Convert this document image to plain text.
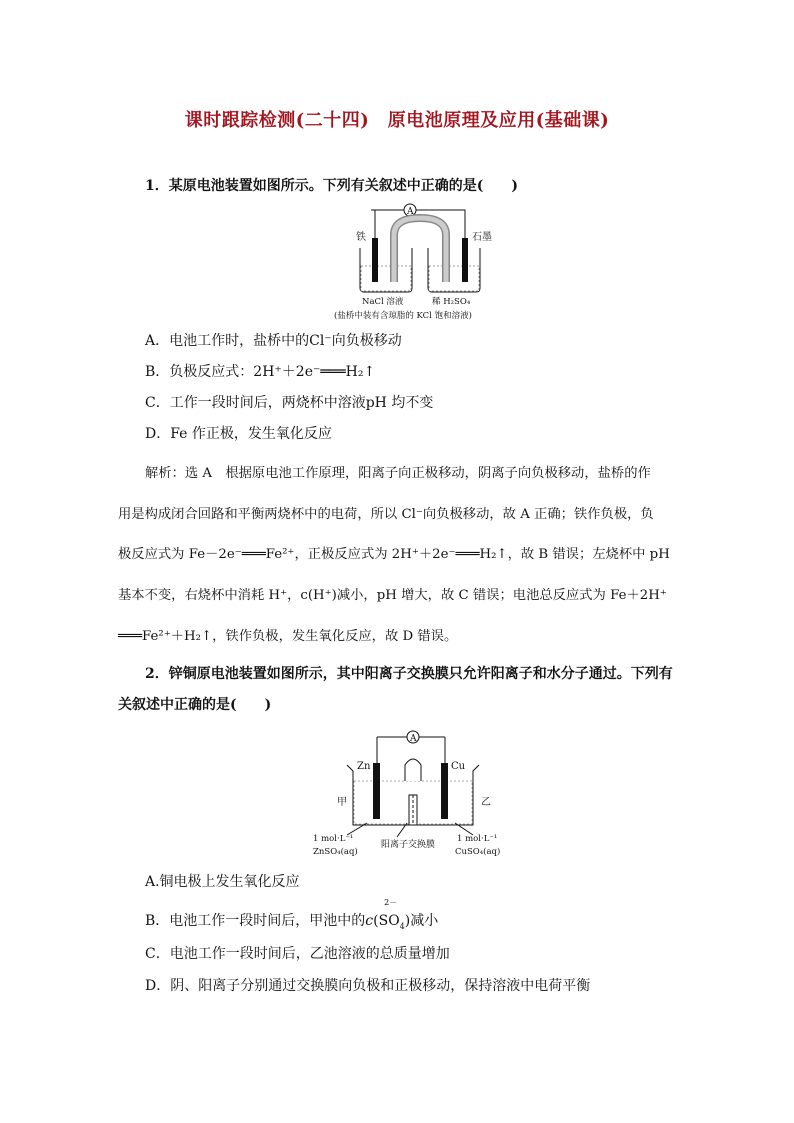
课时跟踪检测(二十四)　原电池原理及应用(基础课)
1．某原电池装置如图所示。下列有关叙述中正确的是(　　)
A
铁	石墨
NaCl 溶液	稀 H₂SO₄
(盐桥中装有含琼脂的 KCl 饱和溶液)
A．电池工作时，盐桥中的Cl⁻向负极移动
B．负极反应式：2H⁺＋2e⁻═══H₂↑
C．工作一段时间后，两烧杯中溶液pH 均不变
D．Fe 作正极，发生氧化反应
解析：选 A　根据原电池工作原理，阳离子向正极移动，阴离子向负极移动，盐桥的作
用是构成闭合回路和平衡两烧杯中的电荷，所以 Cl⁻向负极移动，故 A 正确；铁作负极，负
极反应式为 Fe－2e⁻═══Fe²⁺，正极反应式为 2H⁺＋2e⁻═══H₂↑，故 B 错误；左烧杯中 pH
基本不变，右烧杯中消耗 H⁺，c(H⁺)减小，pH 增大，故 C 错误；电池总反应式为 Fe＋2H⁺
═══Fe²⁺＋H₂↑，铁作负极，发生氧化反应，故 D 错误。
2．锌铜原电池装置如图所示，其中阳离子交换膜只允许阳离子和水分子通过。下列有
关叙述中正确的是(　　)
A
Zn	Cu
甲	乙
1 mol·L⁻¹
ZnSO₄(aq)
阳离子交换膜
1 mol·L⁻¹
CuSO₄(aq)
A.铜电极上发生氧化反应
B．电池工作一段时间后，甲池中的c(SO
2－
$_4$)减小
C．电池工作一段时间后，乙池溶液的总质量增加
D．阴、阳离子分别通过交换膜向负极和正极移动，保持溶液中电荷平衡
